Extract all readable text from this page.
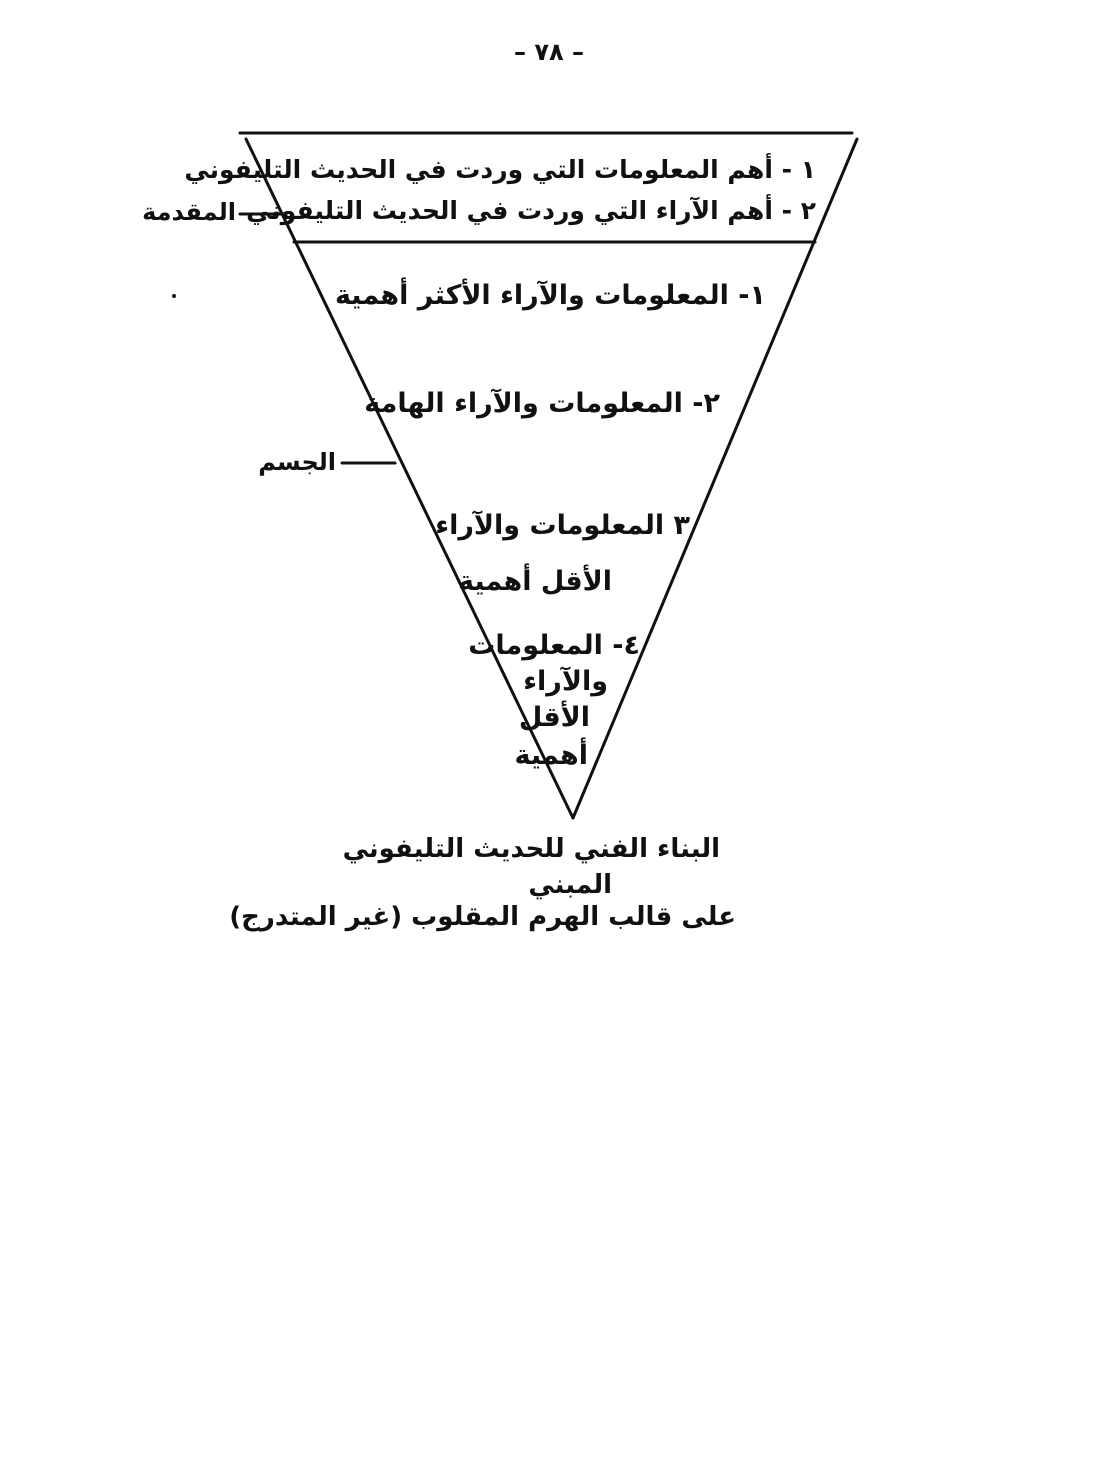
– ٧٨ –
المقدمة
١ - أهم المعلومات التي وردت في الحديث التليفوني
٢ - أهم الآراء التي وردت في الحديث التليفوني
الجسم
١- المعلومات والآراء الأكثر أهمية
٢- المعلومات والآراء الهامة
٣ المعلومات والآراء
الأقل أهمية
٤- المعلومات
والآراء
الأقل
أهمية
البناء الفني للحديث التليفوني
المبني
على قالب الهرم المقلوب (غير المتدرج)
